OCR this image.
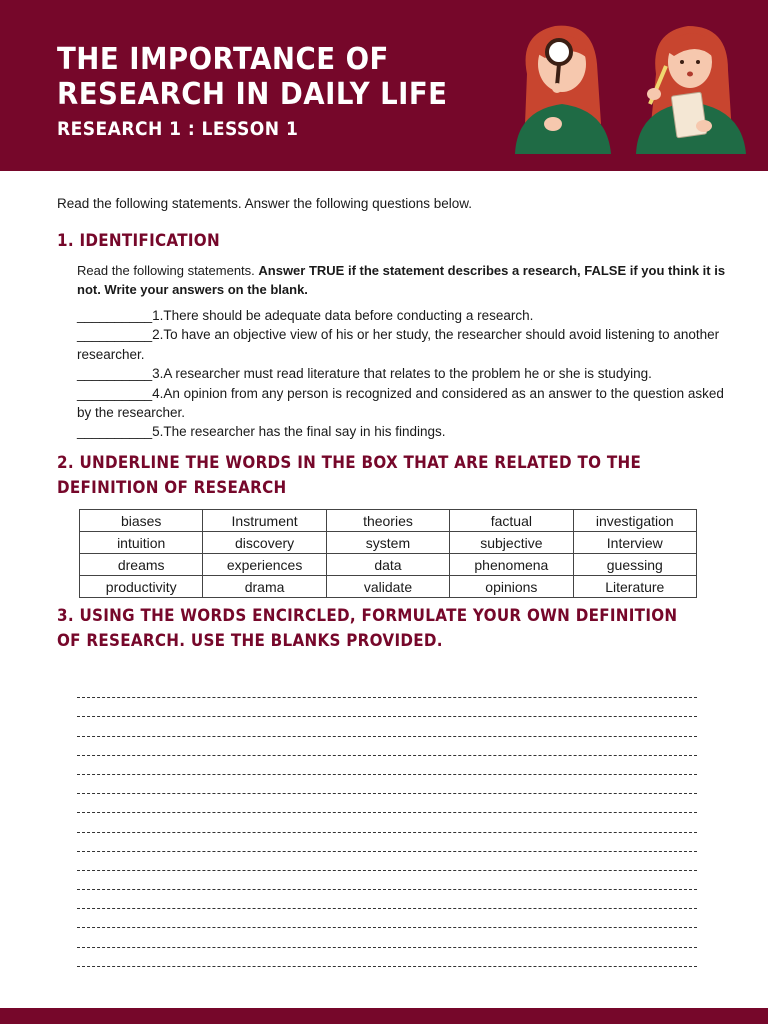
THE IMPORTANCE OF
RESEARCH IN DAILY LIFE
RESEARCH 1 : LESSON 1
Read the following statements. Answer the following questions below.
1. IDENTIFICATION
Read the following statements. Answer TRUE if the statement describes a research, FALSE if you think it is not. Write your answers on the blank.
__________1.There should be adequate data before conducting a research.
__________2.To have an objective view of his or her study, the researcher should avoid listening to another researcher.
__________3.A researcher must read literature that relates to the problem he or she is studying.
__________4.An opinion from any person is recognized and considered as an answer to the question asked by the researcher.
__________5.The researcher has the final say in his findings.
2. UNDERLINE THE WORDS IN THE BOX THAT ARE RELATED TO THE DEFINITION OF RESEARCH
biases	Instrument	theories	factual	investigation
intuition	discovery	system	subjective	Interview
dreams	experiences	data	phenomena	guessing
productivity	drama	validate	opinions	Literature
3. USING THE WORDS ENCIRCLED, FORMULATE YOUR OWN DEFINITION OF RESEARCH. USE THE BLANKS PROVIDED.
